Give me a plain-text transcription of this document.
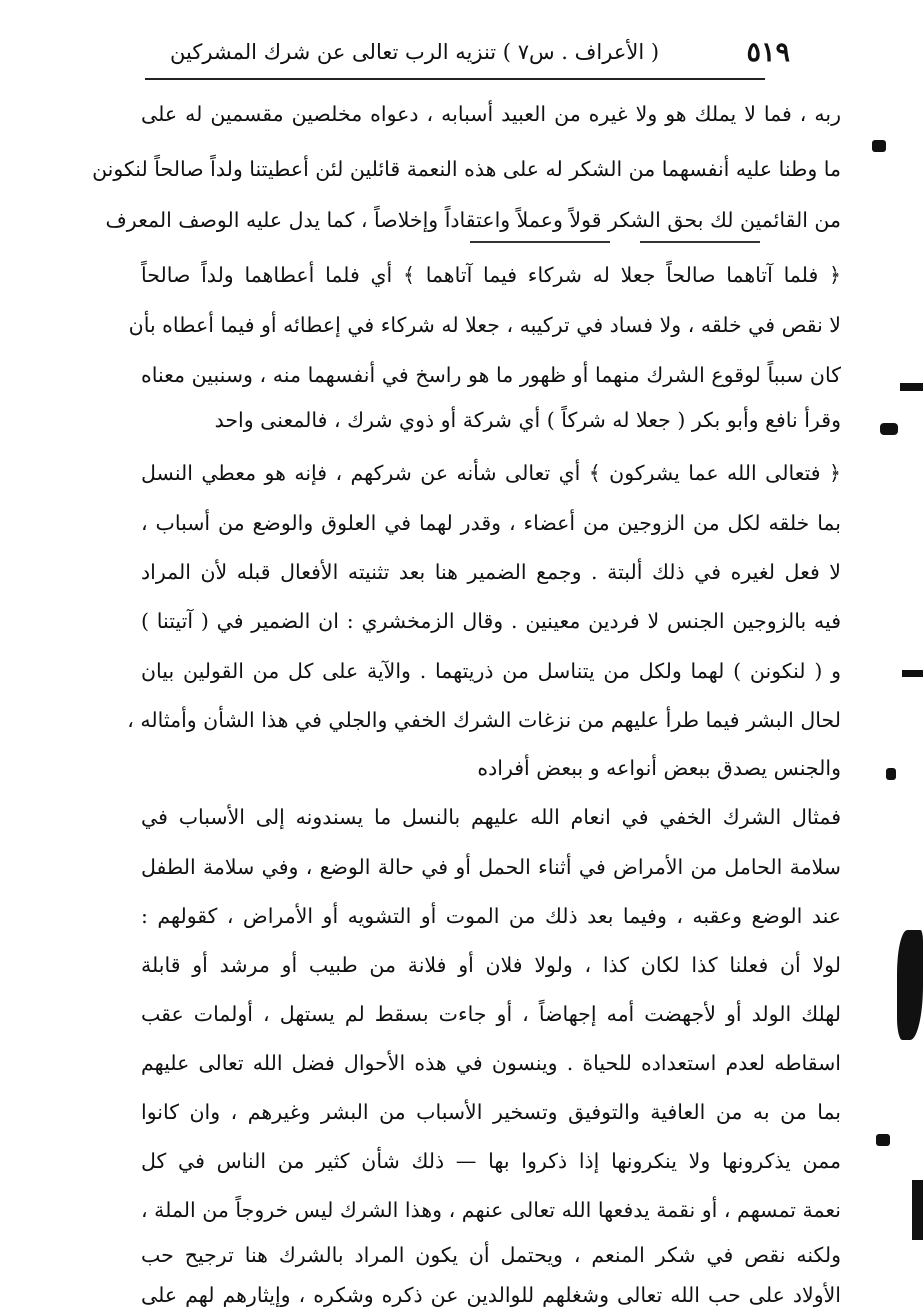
( الأعراف . س٧ ) تنزيه الرب تعالى عن شرك المشركين	٥١٩
ربه ، فما لا يملك هو ولا غيره من العبيد أسبابه ، دعواه مخلصين مقسمين له على
ما وطنا عليه أنفسهما من الشكر له على هذه النعمة قائلين لئن أعطيتنا ولداً صالحاً لنكونن
من القائمين لك بحق الشكر قولاً وعملاً واعتقاداً وإخلاصاً ، كما يدل عليه الوصف المعرف
﴿ فلما آتاهما صالحاً جعلا له شركاء فيما آتاهما ﴾ أي فلما أعطاهما ولداً صالحاً
لا نقص في خلقه ، ولا فساد في تركيبه ، جعلا له شركاء في إعطائه أو فيما أعطاه بأن
كان سبباً لوقوع الشرك منهما أو ظهور ما هو راسخ في أنفسهما منه ، وسنبين معناه
وقرأ نافع وأبو بكر ( جعلا له شركاً ) أي شركة أو ذوي شرك ، فالمعنى واحد
﴿ فتعالى الله عما يشركون ﴾ أي تعالى شأنه عن شركهم ، فإنه هو معطي النسل
بما خلقه لكل من الزوجين من أعضاء ، وقدر لهما في العلوق والوضع من أسباب ،
لا فعل لغيره في ذلك ألبتة . وجمع الضمير هنا بعد تثنيته الأفعال قبله لأن المراد
فيه بالزوجين الجنس لا فردين معينين . وقال الزمخشري : ان الضمير في ( آتيتنا )
و ( لنكونن ) لهما ولكل من يتناسل من ذريتهما . والآية على كل من القولين بيان
لحال البشر فيما طرأ عليهم من نزغات الشرك الخفي والجلي في هذا الشأن وأمثاله ،
والجنس يصدق ببعض أنواعه و ببعض أفراده
فمثال الشرك الخفي في انعام الله عليهم بالنسل ما يسندونه إلى الأسباب في
سلامة الحامل من الأمراض في أثناء الحمل أو في حالة الوضع ، وفي سلامة الطفل
عند الوضع وعقبه ، وفيما بعد ذلك من الموت أو التشويه أو الأمراض ، كقولهم :
لولا أن فعلنا كذا لكان كذا ، ولولا فلان أو فلانة من طبيب أو مرشد أو قابلة
لهلك الولد أو لأجهضت أمه إجهاضاً ، أو جاءت بسقط لم يستهل ، أولمات عقب
اسقاطه لعدم استعداده للحياة . وينسون في هذه الأحوال فضل الله تعالى عليهم
بما من به من العافية والتوفيق وتسخير الأسباب من البشر وغيرهم ، وان كانوا
ممن يذكرونها ولا ينكرونها إذا ذكروا بها — ذلك شأن كثير من الناس في كل
نعمة تمسهم ، أو نقمة يدفعها الله تعالى عنهم ، وهذا الشرك ليس خروجاً من الملة ،
ولكنه نقص في شكر المنعم ، ويحتمل أن يكون المراد بالشرك هنا ترجيح حب
الأولاد على حب الله تعالى وشغلهم للوالدين عن ذكره وشكره ، وإيثارهم لهم على
